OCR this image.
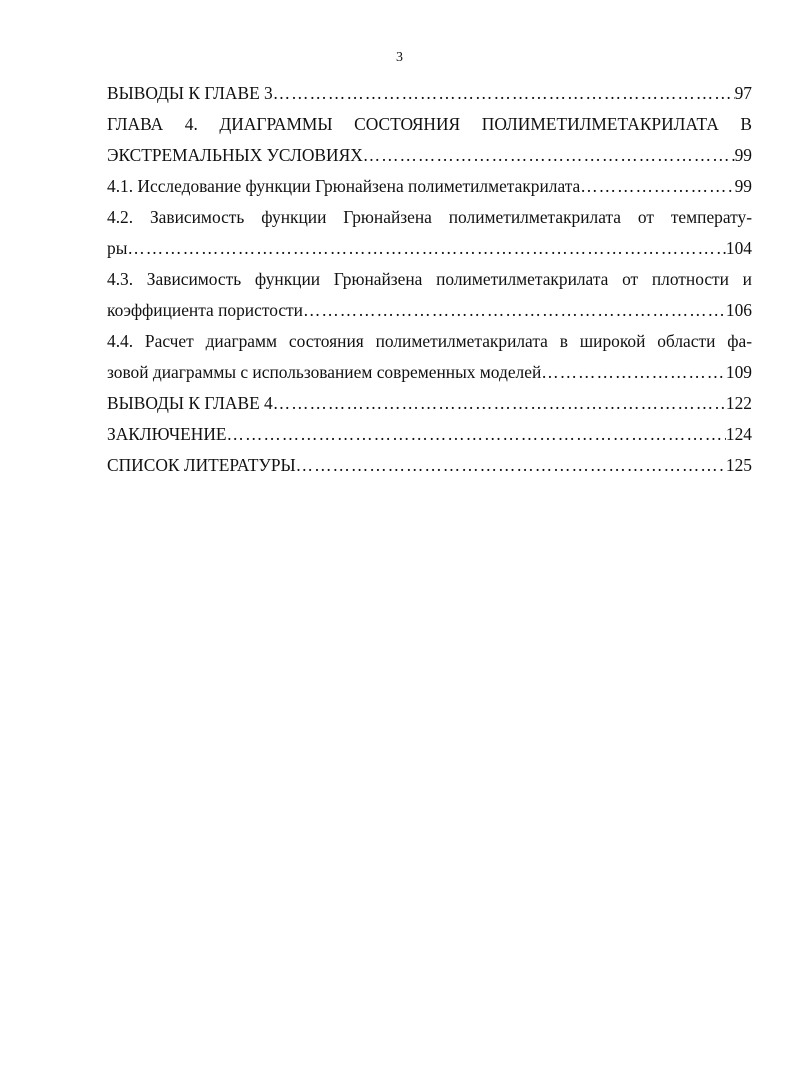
3
ВЫВОДЫ К ГЛАВЕ 3 ……………………………………………………………………………………………………………………………………………………………………………………	97
ГЛАВА 4. ДИАГРАММЫ СОСТОЯНИЯ ПОЛИМЕТИЛМЕТАКРИЛАТА В
ЭКСТРЕМАЛЬНЫХ УСЛОВИЯХ ……………………………………………………………………………………………………………………………………………………………………………………	99
4.1. Исследование функции Грюнайзена полиметилметакрилата ……………………………………………………………………………………………………………………………………………………………………………………	99
4.2. Зависимость функции Грюнайзена полиметилметакрилата от температу-
ры ……………………………………………………………………………………………………………………………………………………………………………………	104
4.3. Зависимость функции Грюнайзена полиметилметакрилата от плотности и
коэффициента пористости ……………………………………………………………………………………………………………………………………………………………………………………	106
4.4. Расчет диаграмм состояния полиметилметакрилата в широкой области фа-
зовой диаграммы с использованием современных моделей ……………………………………………………………………………………………………………………………………………………………………………………	109
ВЫВОДЫ К ГЛАВЕ 4 ……………………………………………………………………………………………………………………………………………………………………………………	122
ЗАКЛЮЧЕНИЕ ……………………………………………………………………………………………………………………………………………………………………………………	124
СПИСОК ЛИТЕРАТУРЫ ……………………………………………………………………………………………………………………………………………………………………………………	125
